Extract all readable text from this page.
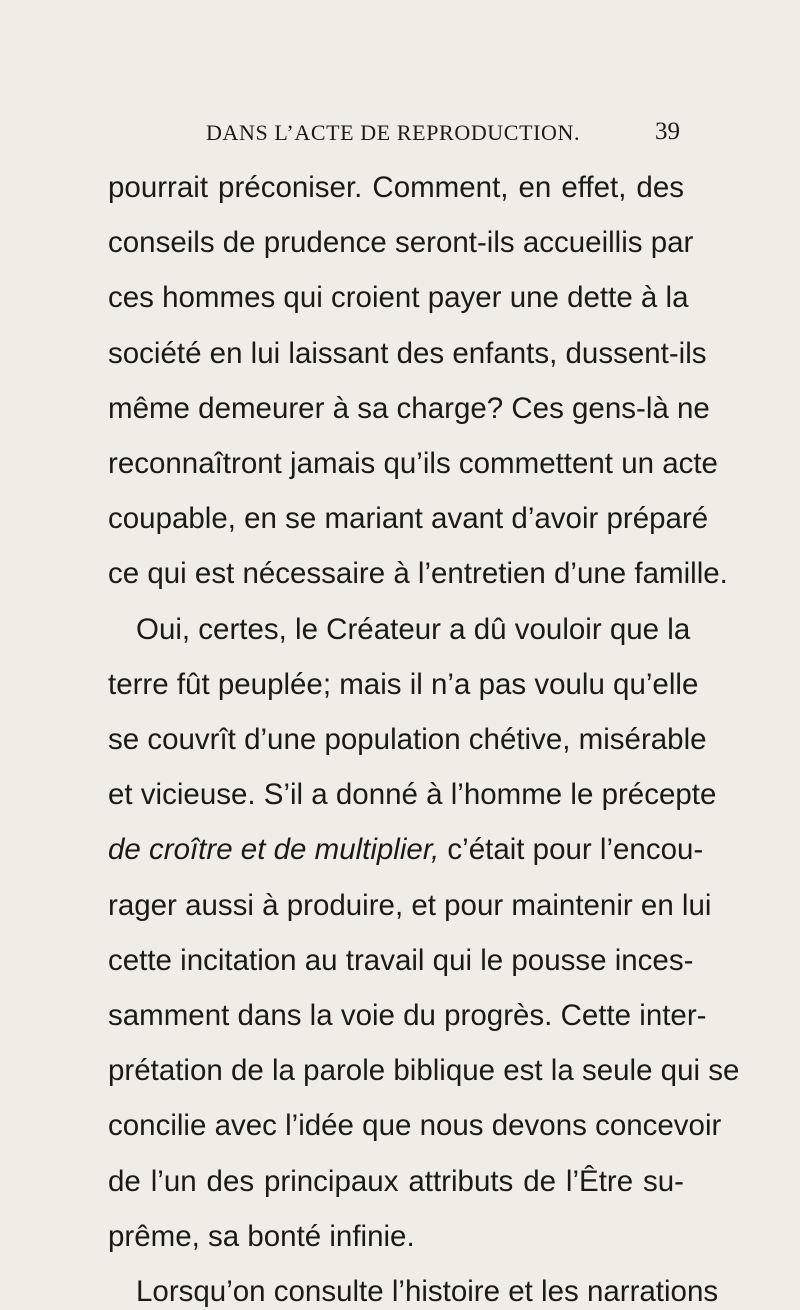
DANS L’ACTE DE REPRODUCTION.	39
pourrait préconiser. Comment, en effet, des
conseils de prudence seront-ils accueillis par
ces hommes qui croient payer une dette à la
société en lui laissant des enfants, dussent-ils
même demeurer à sa charge? Ces gens-là ne
reconnaîtront jamais qu’ils commettent un acte
coupable, en se mariant avant d’avoir préparé
ce qui est nécessaire à l’entretien d’une famille.
Oui, certes, le Créateur a dû vouloir que la
terre fût peuplée; mais il n’a pas voulu qu’elle
se couvrît d’une population chétive, misérable
et vicieuse. S’il a donné à l’homme le précepte
de croître et de multiplier, c’était pour l’encou-
rager aussi à produire, et pour maintenir en lui
cette incitation au travail qui le pousse inces-
samment dans la voie du progrès. Cette inter-
prétation de la parole biblique est la seule qui se
concilie avec l’idée que nous devons concevoir
de l’un des principaux attributs de l’Être su-
prême, sa bonté infinie.
Lorsqu’on consulte l’histoire et les narrations
